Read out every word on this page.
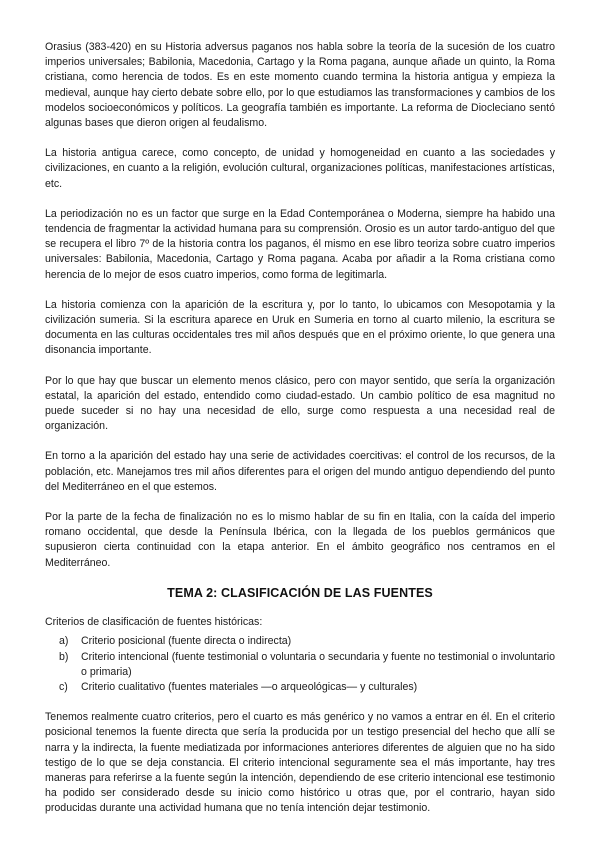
Orasius (383-420) en su Historia adversus paganos nos habla sobre la teoría de la sucesión de los cuatro imperios universales; Babilonia, Macedonia, Cartago y la Roma pagana, aunque añade un quinto, la Roma cristiana, como herencia de todos. Es en este momento cuando termina la historia antigua y empieza la medieval, aunque hay cierto debate sobre ello, por lo que estudiamos las transformaciones y cambios de los modelos socioeconómicos y políticos. La geografía también es importante. La reforma de Diocleciano sentó algunas bases que dieron origen al feudalismo.

La historia antigua carece, como concepto, de unidad y homogeneidad en cuanto a las sociedades y civilizaciones, en cuanto a la religión, evolución cultural, organizaciones políticas, manifestaciones artísticas, etc.

La periodización no es un factor que surge en la Edad Contemporánea o Moderna, siempre ha habido una tendencia de fragmentar la actividad humana para su comprensión. Orosio es un autor tardo-antiguo del que se recupera el libro 7º de la historia contra los paganos, él mismo en ese libro teoriza sobre cuatro imperios universales: Babilonia, Macedonia, Cartago y Roma pagana. Acaba por añadir a la Roma cristiana como herencia de lo mejor de esos cuatro imperios, como forma de legitimarla.

La historia comienza con la aparición de la escritura y, por lo tanto, lo ubicamos con Mesopotamia y la civilización sumeria. Si la escritura aparece en Uruk en Sumeria en torno al cuarto milenio, la escritura se documenta en las culturas occidentales tres mil años después que en el próximo oriente, lo que genera una disonancia importante.

Por lo que hay que buscar un elemento menos clásico, pero con mayor sentido, que sería la organización estatal, la aparición del estado, entendido como ciudad-estado. Un cambio político de esa magnitud no puede suceder si no hay una necesidad de ello, surge como respuesta a una necesidad real de organización.

En torno a la aparición del estado hay una serie de actividades coercitivas: el control de los recursos, de la población, etc. Manejamos tres mil años diferentes para el origen del mundo antiguo dependiendo del punto del Mediterráneo en el que estemos.

Por la parte de la fecha de finalización no es lo mismo hablar de su fin en Italia, con la caída del imperio romano occidental, que desde la Península Ibérica, con la llegada de los pueblos germánicos que supusieron cierta continuidad con la etapa anterior. En el ámbito geográfico nos centramos en el Mediterráneo.

TEMA 2: CLASIFICACIÓN DE LAS FUENTES

Criterios de clasificación de fuentes históricas:

a) Criterio posicional (fuente directa o indirecta)
b) Criterio intencional (fuente testimonial o voluntaria o secundaria y fuente no testimonial o involuntario o primaria)
c) Criterio cualitativo (fuentes materiales —o arqueológicas— y culturales)

Tenemos realmente cuatro criterios, pero el cuarto es más genérico y no vamos a entrar en él. En el criterio posicional tenemos la fuente directa que sería la producida por un testigo presencial del hecho que allí se narra y la indirecta, la fuente mediatizada por informaciones anteriores diferentes de alguien que no ha sido testigo de lo que se deja constancia. El criterio intencional seguramente sea el más importante, hay tres maneras para referirse a la fuente según la intención, dependiendo de ese criterio intencional ese testimonio ha podido ser considerado desde su inicio como histórico u otras que, por el contrario, hayan sido producidas durante una actividad humana que no tenía intención dejar testimonio.
